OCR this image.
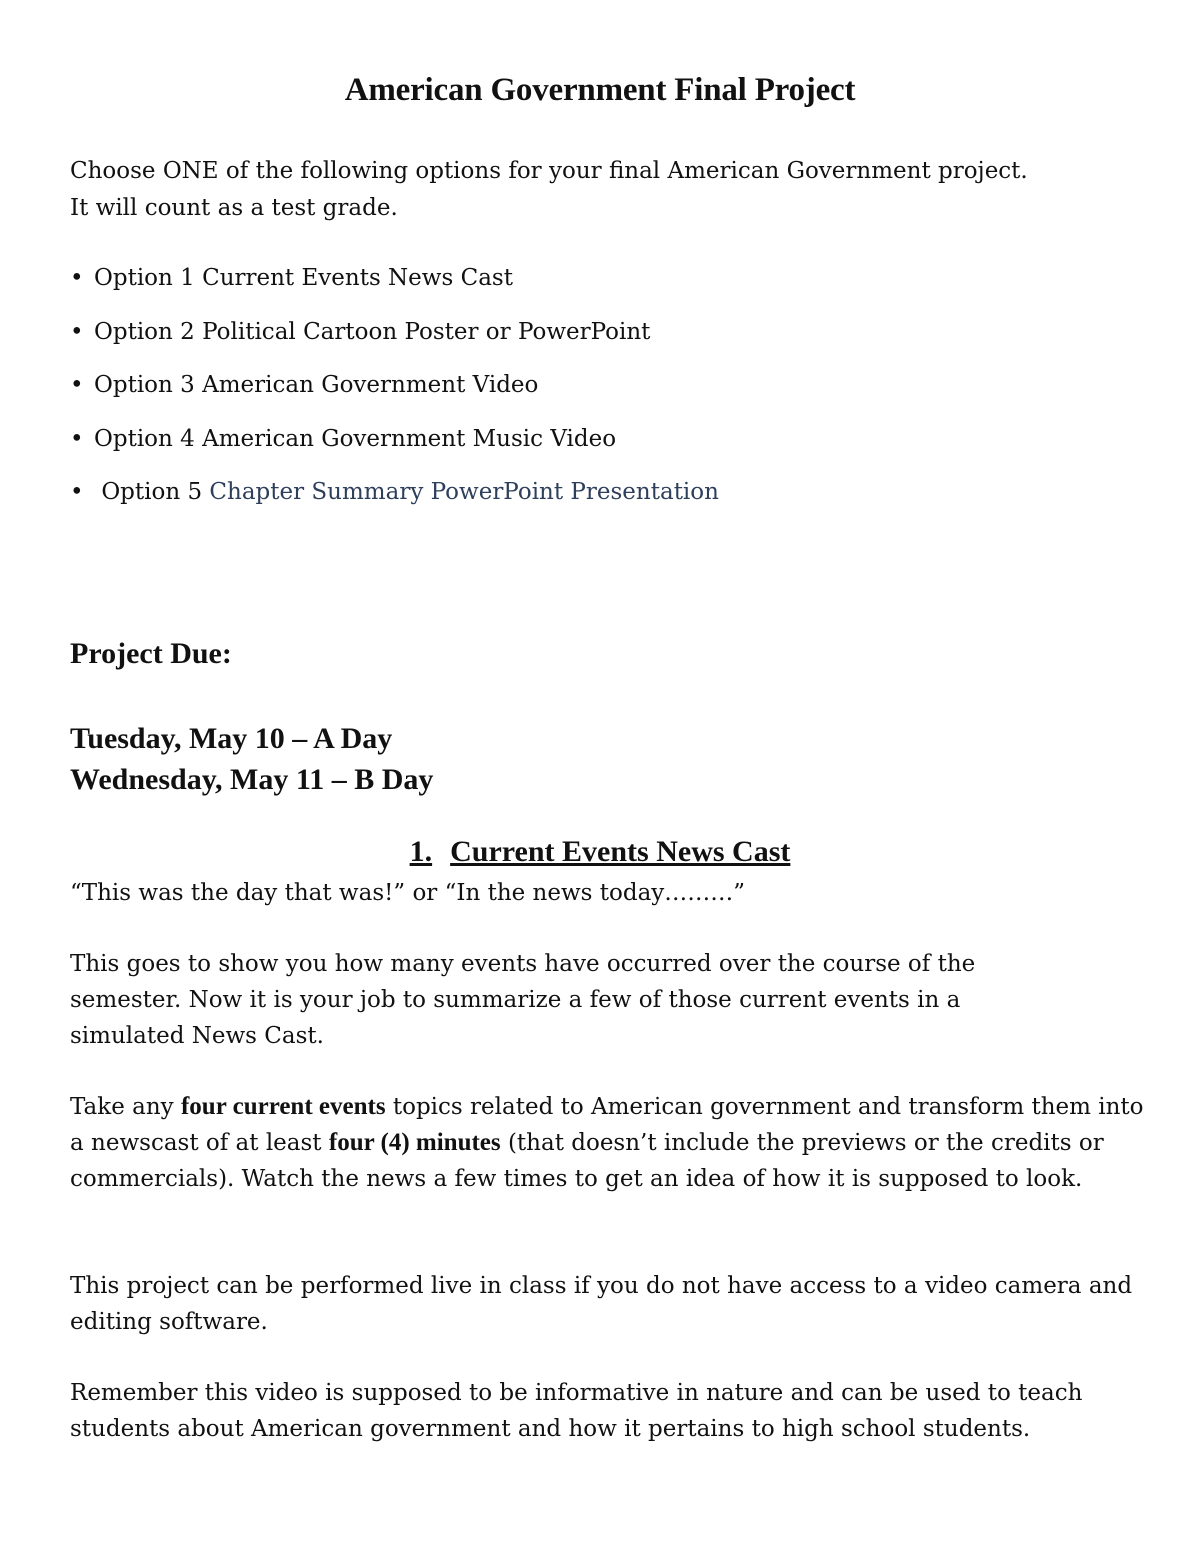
American Government Final Project

Choose ONE of the following options for your final American Government project. It will count as a test grade.

• Option 1 Current Events News Cast
• Option 2 Political Cartoon Poster or PowerPoint
• Option 3 American Government Video
• Option 4 American Government Music Video
• Option 5 Chapter Summary PowerPoint Presentation
Project Due:
Tuesday, May 10 – A Day
Wednesday, May 11 – B Day
1. Current Events News Cast

“This was the day that was!” or “In the news today………”

This goes to show you how many events have occurred over the course of the semester. Now it is your job to summarize a few of those current events in a simulated News Cast.

Take any four current events topics related to American government and transform them into a newscast of at least four (4) minutes (that doesn’t include the previews or the credits or commercials). Watch the news a few times to get an idea of how it is supposed to look.

This project can be performed live in class if you do not have access to a video camera and editing software.

Remember this video is supposed to be informative in nature and can be used to teach students about American government and how it pertains to high school students.
